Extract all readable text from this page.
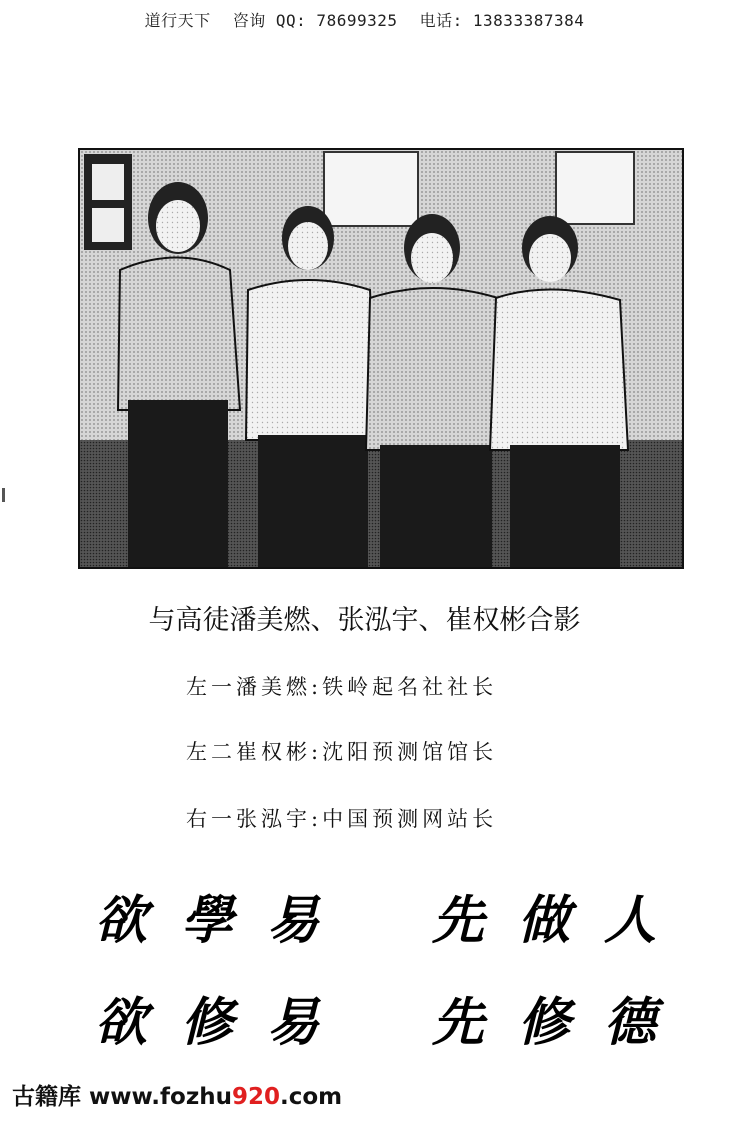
道行天下 咨询 QQ: 78699325 电话: 13833387384
与高徒潘美燃、张泓宇、崔权彬合影
左一潘美燃:铁岭起名社社长
左二崔权彬:沈阳预测馆馆长
右一张泓宇:中国预测网站长
欲學易 先做人
欲修易 先修德
古籍库 www.fozhu920.com
